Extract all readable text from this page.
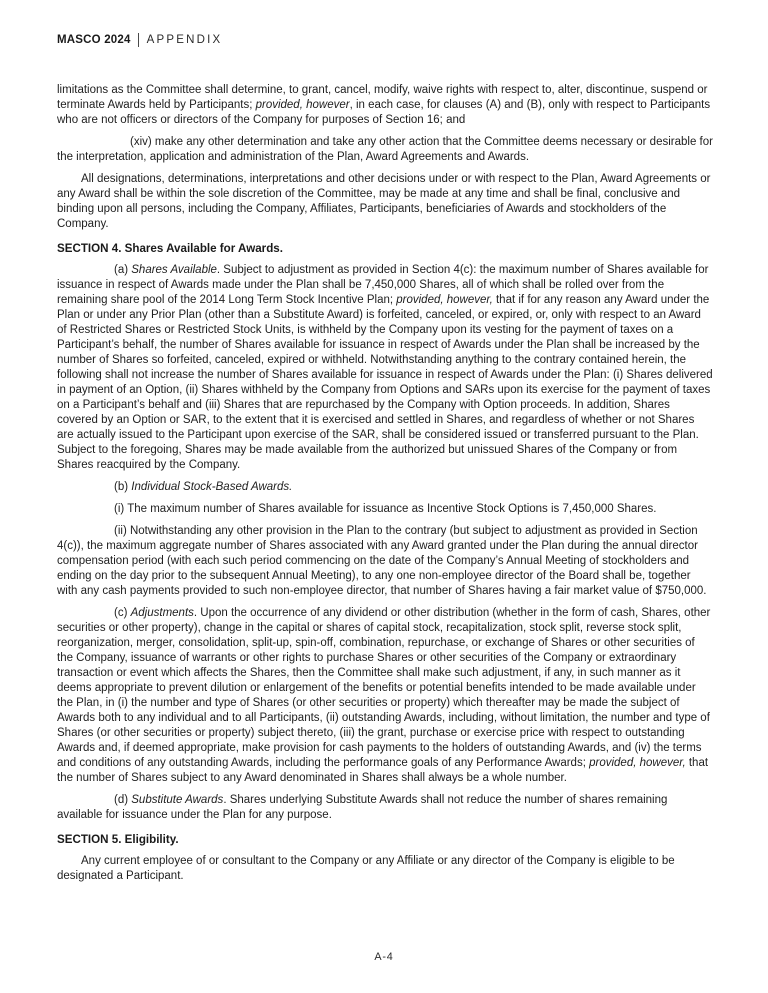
MASCO 2024 APPENDIX

limitations as the Committee shall determine, to grant, cancel, modify, waive rights with respect to, alter, discontinue, suspend or terminate Awards held by Participants; provided, however, in each case, for clauses (A) and (B), only with respect to Participants who are not officers or directors of the Company for purposes of Section 16; and

(xiv) make any other determination and take any other action that the Committee deems necessary or desirable for the interpretation, application and administration of the Plan, Award Agreements and Awards.

All designations, determinations, interpretations and other decisions under or with respect to the Plan, Award Agreements or any Award shall be within the sole discretion of the Committee, may be made at any time and shall be final, conclusive and binding upon all persons, including the Company, Affiliates, Participants, beneficiaries of Awards and stockholders of the Company.

SECTION 4. Shares Available for Awards.

(a) Shares Available. Subject to adjustment as provided in Section 4(c): the maximum number of Shares available for issuance in respect of Awards made under the Plan shall be 7,450,000 Shares, all of which shall be rolled over from the remaining share pool of the 2014 Long Term Stock Incentive Plan; provided, however, that if for any reason any Award under the Plan or under any Prior Plan (other than a Substitute Award) is forfeited, canceled, or expired, or, only with respect to an Award of Restricted Shares or Restricted Stock Units, is withheld by the Company upon its vesting for the payment of taxes on a Participant’s behalf, the number of Shares available for issuance in respect of Awards under the Plan shall be increased by the number of Shares so forfeited, canceled, expired or withheld. Notwithstanding anything to the contrary contained herein, the following shall not increase the number of Shares available for issuance in respect of Awards under the Plan: (i) Shares delivered in payment of an Option, (ii) Shares withheld by the Company from Options and SARs upon its exercise for the payment of taxes on a Participant’s behalf and (iii) Shares that are repurchased by the Company with Option proceeds. In addition, Shares covered by an Option or SAR, to the extent that it is exercised and settled in Shares, and regardless of whether or not Shares are actually issued to the Participant upon exercise of the SAR, shall be considered issued or transferred pursuant to the Plan. Subject to the foregoing, Shares may be made available from the authorized but unissued Shares of the Company or from Shares reacquired by the Company.

(b) Individual Stock-Based Awards.

(i) The maximum number of Shares available for issuance as Incentive Stock Options is 7,450,000 Shares.

(ii) Notwithstanding any other provision in the Plan to the contrary (but subject to adjustment as provided in Section 4(c)), the maximum aggregate number of Shares associated with any Award granted under the Plan during the annual director compensation period (with each such period commencing on the date of the Company’s Annual Meeting of stockholders and ending on the day prior to the subsequent Annual Meeting), to any one non-employee director of the Board shall be, together with any cash payments provided to such non-employee director, that number of Shares having a fair market value of $750,000.

(c) Adjustments. Upon the occurrence of any dividend or other distribution (whether in the form of cash, Shares, other securities or other property), change in the capital or shares of capital stock, recapitalization, stock split, reverse stock split, reorganization, merger, consolidation, split-up, spin-off, combination, repurchase, or exchange of Shares or other securities of the Company, issuance of warrants or other rights to purchase Shares or other securities of the Company or extraordinary transaction or event which affects the Shares, then the Committee shall make such adjustment, if any, in such manner as it deems appropriate to prevent dilution or enlargement of the benefits or potential benefits intended to be made available under the Plan, in (i) the number and type of Shares (or other securities or property) which thereafter may be made the subject of Awards both to any individual and to all Participants, (ii) outstanding Awards, including, without limitation, the number and type of Shares (or other securities or property) subject thereto, (iii) the grant, purchase or exercise price with respect to outstanding Awards and, if deemed appropriate, make provision for cash payments to the holders of outstanding Awards, and (iv) the terms and conditions of any outstanding Awards, including the performance goals of any Performance Awards; provided, however, that the number of Shares subject to any Award denominated in Shares shall always be a whole number.

(d) Substitute Awards. Shares underlying Substitute Awards shall not reduce the number of shares remaining available for issuance under the Plan for any purpose.

SECTION 5. Eligibility.

Any current employee of or consultant to the Company or any Affiliate or any director of the Company is eligible to be designated a Participant.

A-4
